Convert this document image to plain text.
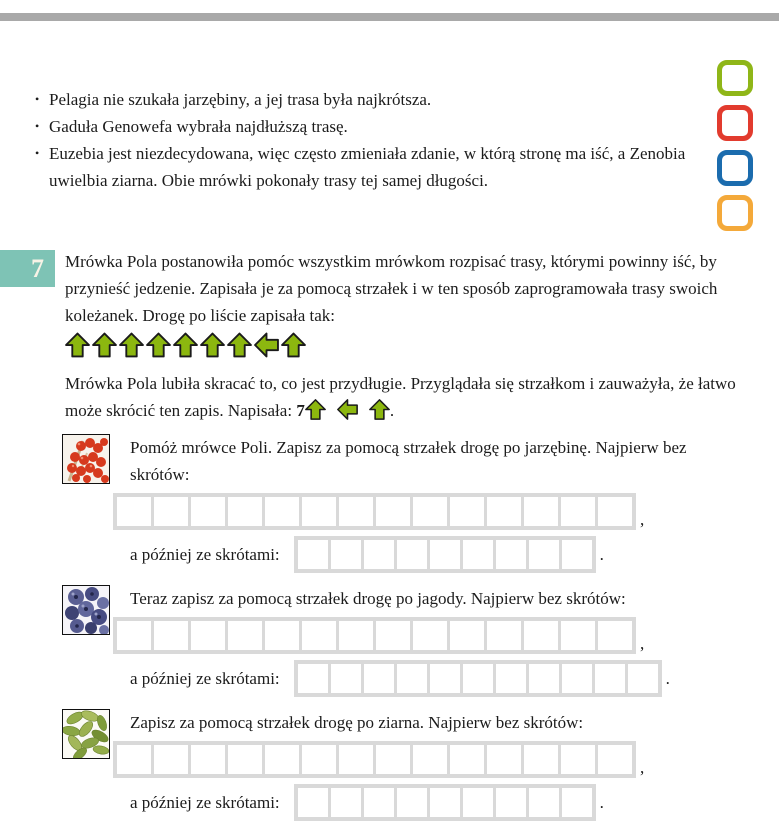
• Pelagia nie szukała jarzębiny, a jej trasa była najkrótsza.
• Gaduła Genowefa wybrała najdłuższą trasę.
• Euzebia jest niezdecydowana, więc często zmieniała zdanie, w którą stronę ma iść, a Zenobia uwielbia ziarna. Obie mrówki pokonały trasy tej samej długości.
7	Mrówka Pola postanowiła pomóc wszystkim mrówkom rozpisać trasy, którymi powinny iść, by przynieść jedzenie. Zapisała je za pomocą strzałek i w ten sposób zaprogramowała trasy swoich koleżanek. Drogę po liście zapisała tak:

Mrówka Pola lubiła skracać to, co jest przydługie. Przyglądała się strzałkom i zauważyła, że łatwo może skrócić ten zapis. Napisała: 7	.

Pomóż mrówce Poli. Zapisz za pomocą strzałek drogę po jarzębinę. Najpierw bez skrótów:

,
a później ze skrótami:	.

Teraz zapisz za pomocą strzałek drogę po jagody. Najpierw bez skrótów:

,
a później ze skrótami:	.

Zapisz za pomocą strzałek drogę po ziarna. Najpierw bez skrótów:

,
a później ze skrótami:	.
